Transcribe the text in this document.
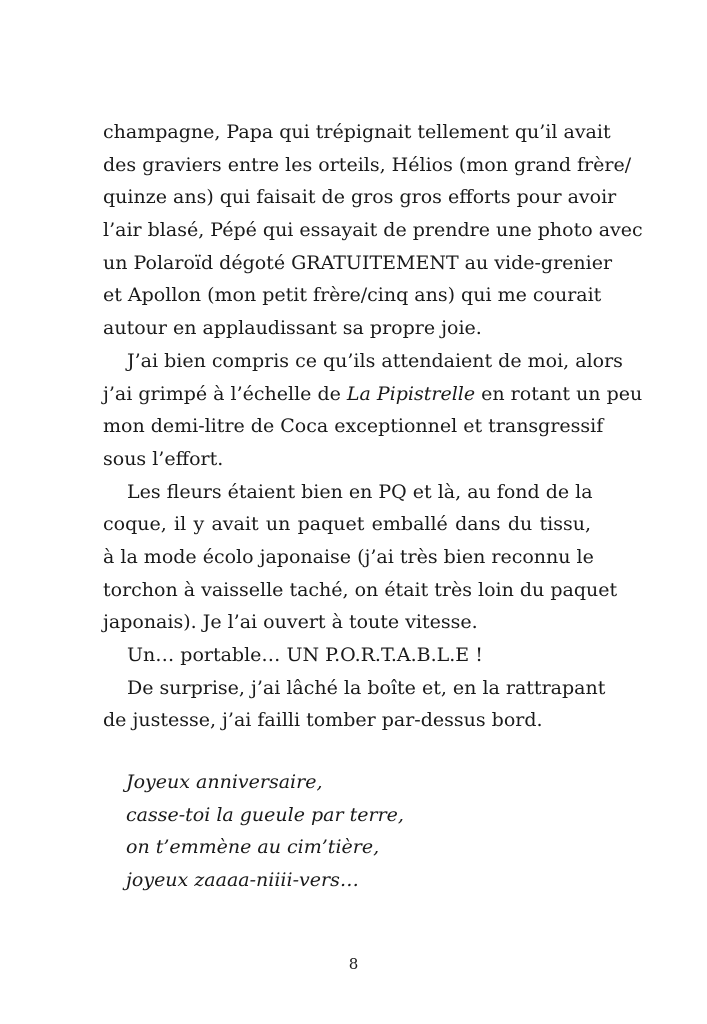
champagne, Papa qui trépignait tellement qu’il avait
des graviers entre les orteils, Hélios (mon grand frère/
quinze ans) qui faisait de gros gros efforts pour avoir
l’air blasé, Pépé qui essayait de prendre une photo avec
un Polaroïd dégoté GRATUITEMENT au vide-grenier
et Apollon (mon petit frère/cinq ans) qui me courait
autour en applaudissant sa propre joie.
J’ai bien compris ce qu’ils attendaient de moi, alors
j’ai grimpé à l’échelle de La Pipistrelle en rotant un peu
mon demi-litre de Coca exceptionnel et transgressif
sous l’effort.
Les fleurs étaient bien en PQ et là, au fond de la
coque, il y avait un paquet emballé dans du tissu,
à la mode écolo japonaise (j’ai très bien reconnu le
torchon à vaisselle taché, on était très loin du paquet
japonais). Je l’ai ouvert à toute vitesse.
Un… portable… UN P.O.R.T.A.B.L.E !
De surprise, j’ai lâché la boîte et, en la rattrapant
de justesse, j’ai failli tomber par-dessus bord.
Joyeux anniversaire,
casse-toi la gueule par terre,
on t’emmène au cim’tière,
joyeux zaaaa-niiii-vers…
8
